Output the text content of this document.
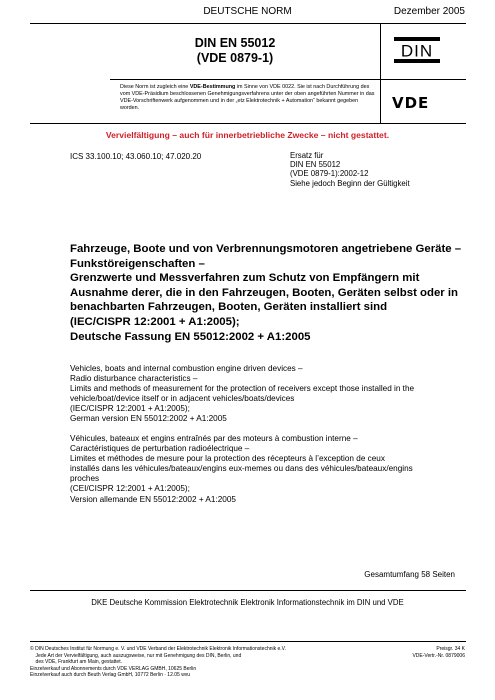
DEUTSCHE NORM	Dezember 2005
DIN EN 55012
(VDE 0879-1)	DIN
VDE
Diese Norm ist zugleich eine VDE-Bestimmung im Sinne von VDE 0022. Sie ist nach Durchführung des vom VDE-Präsidium beschlossenen Genehmigungsverfahrens unter der oben angeführten Nummer in das VDE-Vorschriftenwerk aufgenommen und in der „etz Elektrotechnik + Automation“ bekannt gegeben worden.
Vervielfältigung – auch für innerbetriebliche Zwecke – nicht gestattet.
ICS 33.100.10; 43.060.10; 47.020.20	Ersatz für
DIN EN 55012
(VDE 0879-1):2002-12
Siehe jedoch Beginn der Gültigkeit
Fahrzeuge, Boote und von Verbrennungsmotoren angetriebene Geräte –
Funkstöreigenschaften –
Grenzwerte und Messverfahren zum Schutz von Empfängern mit
Ausnahme derer, die in den Fahrzeugen, Booten, Geräten selbst oder in
benachbarten Fahrzeugen, Booten, Geräten installiert sind
(IEC/CISPR 12:2001 + A1:2005);
Deutsche Fassung EN 55012:2002 + A1:2005
Vehicles, boats and internal combustion engine driven devices –
Radio disturbance characteristics –
Limits and methods of measurement for the protection of receivers except those installed in the
vehicle/boat/device itself or in adjacent vehicles/boats/devices
(IEC/CISPR 12:2001 + A1:2005);
German version EN 55012:2002 + A1:2005
Véhicules, bateaux et engins entraînés par des moteurs à combustion interne –
Caractéristiques de perturbation radioélectrique –
Limites et méthodes de mesure pour la protection des récepteurs à l’exception de ceux
installés dans les véhicules/bateaux/engins eux-memes ou dans des véhicules/bateaux/engins
proches
(CEI/CISPR 12:2001 + A1:2005);
Version allemande EN 55012:2002 + A1:2005
Gesamtumfang 58 Seiten
DKE Deutsche Kommission Elektrotechnik Elektronik Informationstechnik im DIN und VDE
© DIN Deutsches Institut für Normung e. V. und VDE Verband der Elektrotechnik Elektronik Informationstechnik e.V.
Jede Art der Vervielfältigung, auch auszugsweise, nur mit Genehmigung des DIN, Berlin, und
des VDE, Frankfurt am Main, gestattet.
Einzelverkauf und Abonnements durch VDE VERLAG GMBH, 10625 Berlin
Einzelverkauf auch durch Beuth Verlag GmbH, 10772 Berlin · 12.05 wvu
Preisgr. 34 K
VDE-Vertr.-Nr. 0879006
